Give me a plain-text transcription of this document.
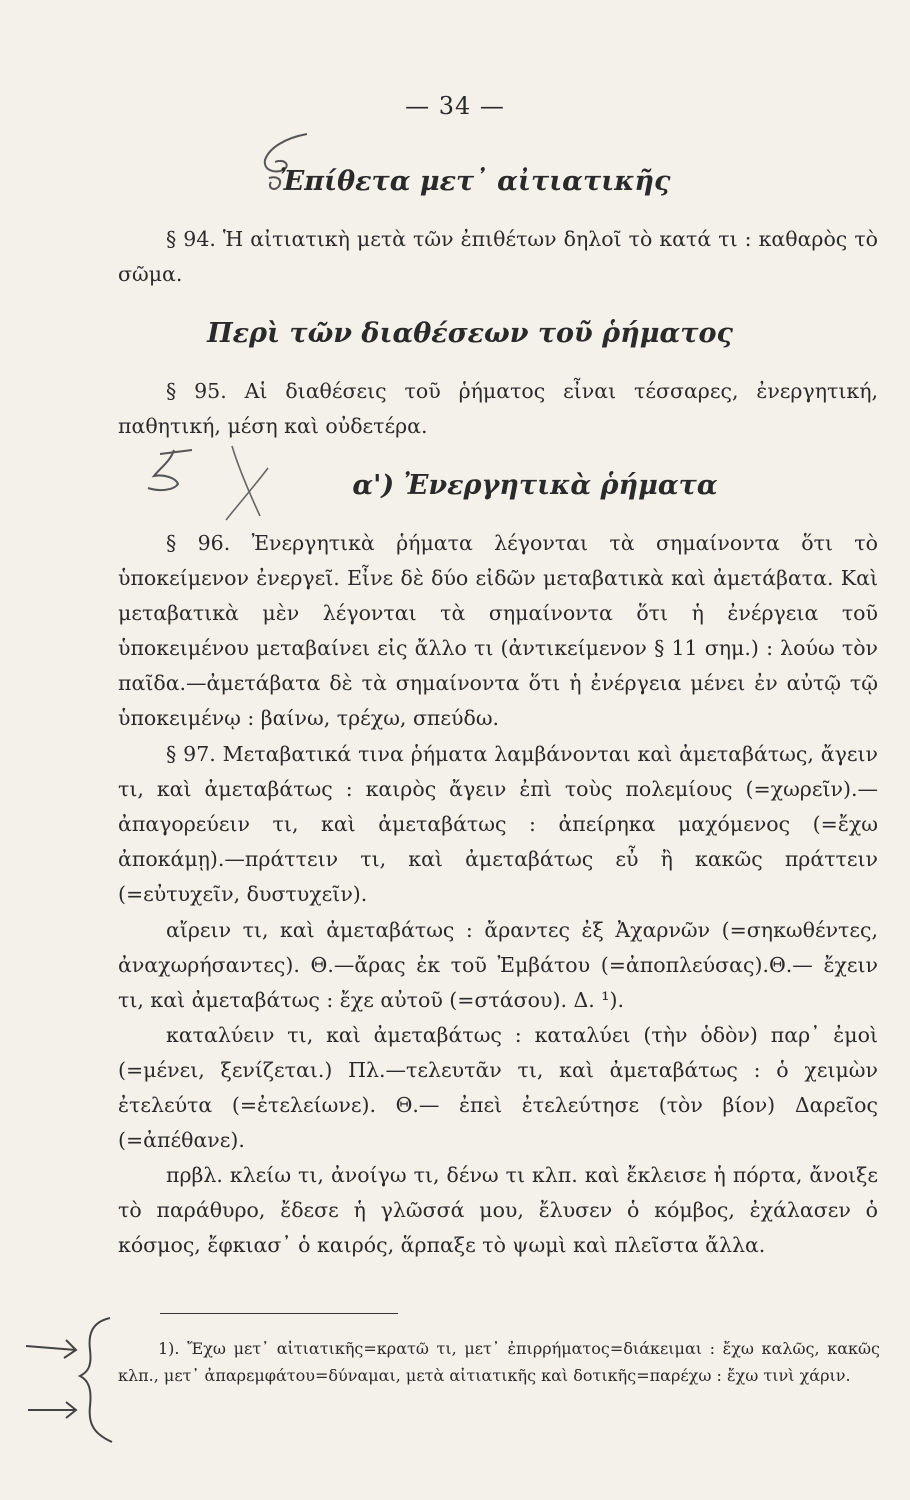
— 34 —
Ἐπίθετα μετ᾽ αἰτιατικῆς

§ 94. Ἡ αἰτιατικὴ μετὰ τῶν ἐπιθέτων δηλοῖ τὸ κατά τι : καθαρὸς τὸ σῶμα.

Περὶ τῶν διαθέσεων τοῦ ῥήματος

§ 95. Αἱ διαθέσεις τοῦ ῥήματος εἶναι τέσσαρες, ἐνεργητική, παθητική, μέση καὶ οὐδετέρα.

α') Ἐνεργητικὰ ῥήματα

§ 96. Ἐνεργητικὰ ῥήματα λέγονται τὰ σημαίνοντα ὅτι τὸ ὑποκείμενον ἐνεργεῖ. Εἶνε δὲ δύο εἰδῶν μεταβατικὰ καὶ ἀμετάβατα. Καὶ μεταβατικὰ μὲν λέγονται τὰ σημαίνοντα ὅτι ἡ ἐνέργεια τοῦ ὑποκειμένου μεταβαίνει εἰς ἄλλο τι (ἀντικείμενον § 11 σημ.) : λούω τὸν παῖδα.—ἀμετάβατα δὲ τὰ σημαίνοντα ὅτι ἡ ἐνέργεια μένει ἐν αὐτῷ τῷ ὑποκειμένῳ : βαίνω, τρέχω, σπεύδω.

§ 97. Μεταβατικά τινα ῥήματα λαμβάνονται καὶ ἀμεταβάτως, ἄγειν τι, καὶ ἀμεταβάτως : καιρὸς ἄγειν ἐπὶ τοὺς πολεμίους (=χωρεῖν).—ἀπαγορεύειν τι, καὶ ἀμεταβάτως : ἀπείρηκα μαχόμενος (=ἔχω ἀποκάμῃ).—πράττειν τι, καὶ ἀμεταβάτως εὖ ἢ κακῶς πράττειν (=εὐτυχεῖν, δυστυχεῖν).

αἴρειν τι, καὶ ἀμεταβάτως : ἄραντες ἐξ Ἀχαρνῶν (=σηκωθέντες, ἀναχωρήσαντες). Θ.—ἄρας ἐκ τοῦ Ἐμβάτου (=ἀποπλεύσας).Θ.— ἔχειν τι, καὶ ἀμεταβάτως : ἔχε αὐτοῦ (=στάσου). Δ. ¹).

καταλύειν τι, καὶ ἀμεταβάτως : καταλύει (τὴν ὁδὸν) παρ᾽ ἐμοὶ (=μένει, ξενίζεται.) Πλ.—τελευτᾶν τι, καὶ ἀμεταβάτως : ὁ χειμὼν ἐτελεύτα (=ἐτελείωνε). Θ.— ἐπεὶ ἐτελεύτησε (τὸν βίον) Δαρεῖος (=ἀπέθανε).

πρβλ. κλείω τι, ἀνοίγω τι, δένω τι κλπ. καὶ ἔκλεισε ἡ πόρτα, ἄνοιξε τὸ παράθυρο, ἔδεσε ἡ γλῶσσά μου, ἔλυσεν ὁ κόμβος, ἐχάλασεν ὁ κόσμος, ἔφκιασ᾽ ὁ καιρός, ἅρπαξε τὸ ψωμὶ καὶ πλεῖστα ἄλλα.

1). Ἔχω μετ᾽ αἰτιατικῆς=κρατῶ τι, μετ᾽ ἐπιρρήματος=διάκειμαι : ἔχω καλῶς, κακῶς κλπ., μετ᾽ ἀπαρεμφάτου=δύναμαι, μετὰ αἰτιατικῆς καὶ δοτικῆς=παρέχω : ἔχω τινὶ χάριν.
